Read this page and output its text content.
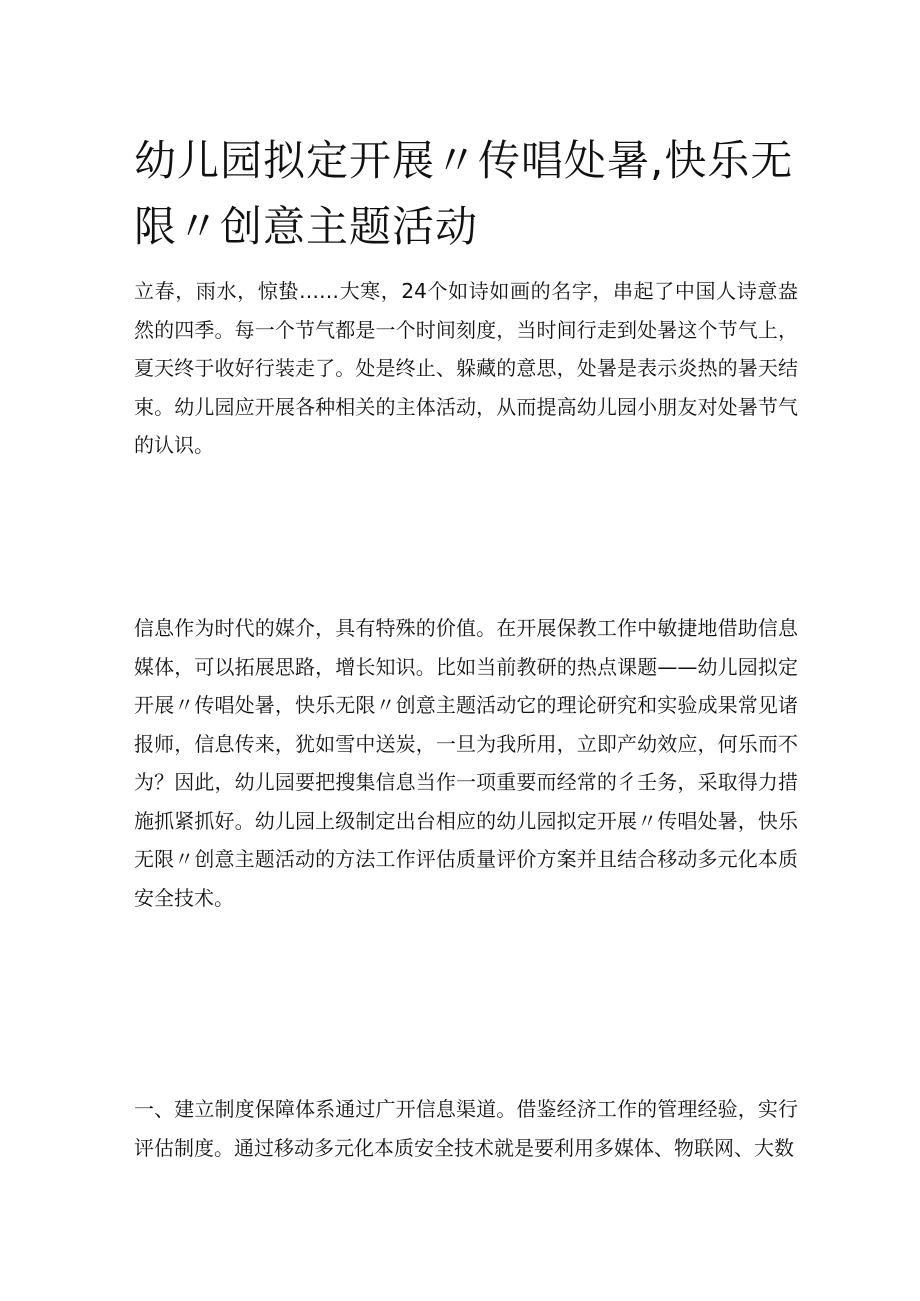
幼儿园拟定开展〃传唱处暑,快乐无限〃创意主题活动

立春，雨水，惊蛰……大寒，24个如诗如画的名字，串起了中国人诗意盎然的四季。每一个节气都是一个时间刻度，当时间行走到处暑这个节气上，夏天终于收好行装走了。处是终止、躲藏的意思，处暑是表示炎热的暑天结束。幼儿园应开展各种相关的主体活动，从而提高幼儿园小朋友对处暑节气的认识。

信息作为时代的媒介，具有特殊的价值。在开展保教工作中敏捷地借助信息媒体，可以拓展思路，增长知识。比如当前教研的热点课题——幼儿园拟定开展〃传唱处暑，快乐无限〃创意主题活动它的理论研究和实验成果常见诸报师，信息传来，犹如雪中送炭，一旦为我所用，立即产幼效应，何乐而不为？因此，幼儿园要把搜集信息当作一项重要而经常的彳壬务，采取得力措施抓紧抓好。幼儿园上级制定出台相应的幼儿园拟定开展〃传唱处暑，快乐无限〃创意主题活动的方法工作评估质量评价方案并且结合移动多元化本质安全技术。

一、建立制度保障体系通过广开信息渠道。借鉴经济工作的管理经验，实行评估制度。通过移动多元化本质安全技术就是要利用多媒体、物联网、大数
